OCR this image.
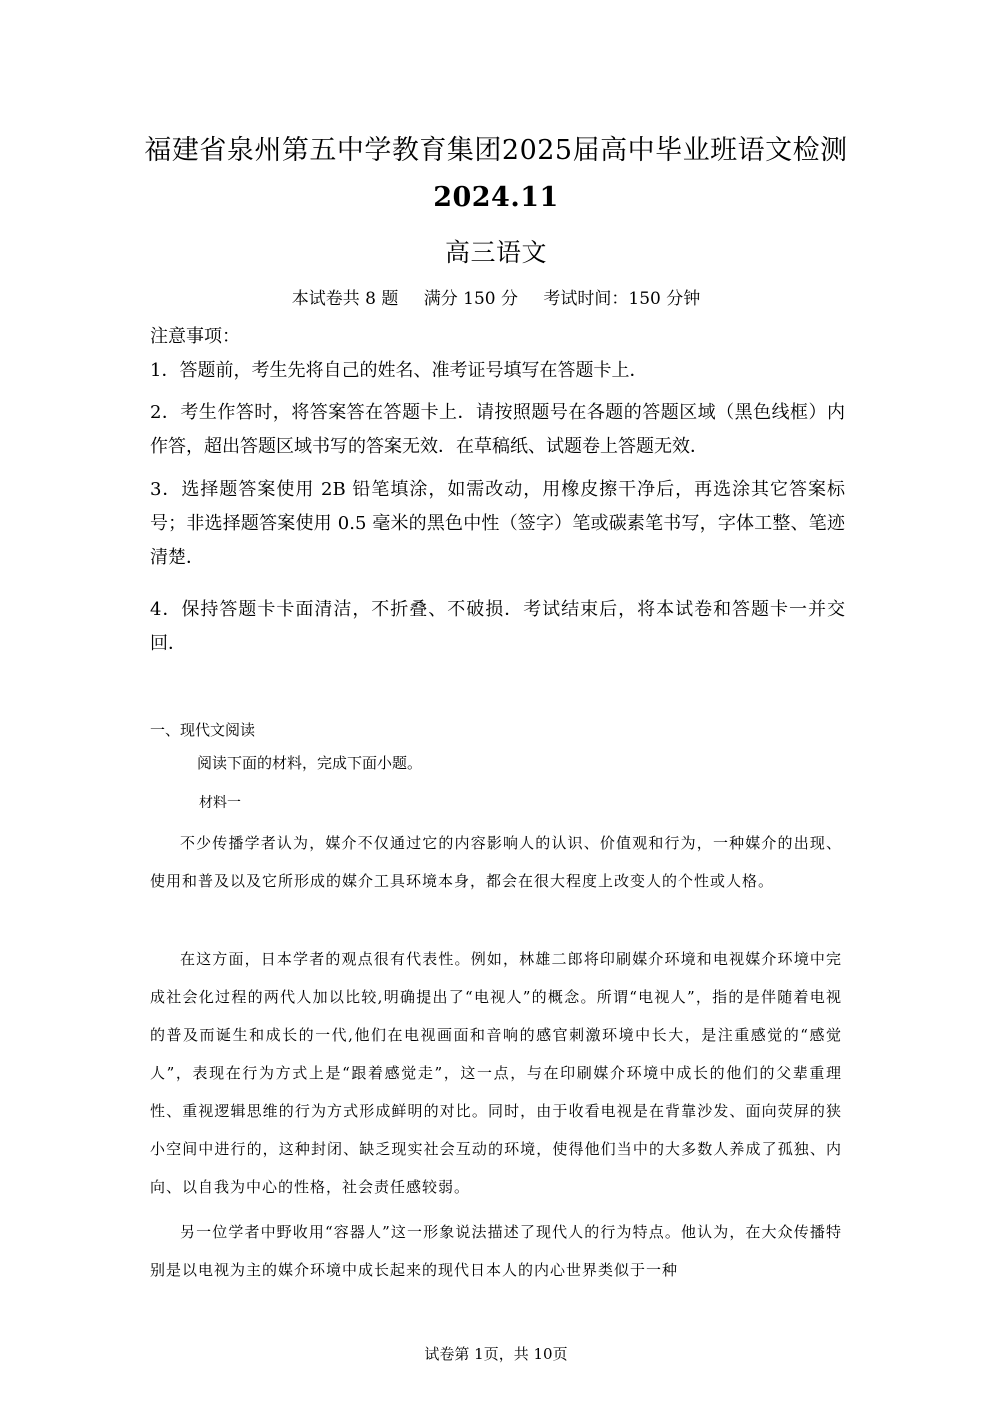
福建省泉州第五中学教育集团2025届高中毕业班语文检测
2024.11
高三语文
本试卷共 8 题 满分 150 分 考试时间：150 分钟
注意事项：
1．答题前，考生先将自己的姓名、准考证号填写在答题卡上．
2．考生作答时，将答案答在答题卡上．请按照题号在各题的答题区域（黑色线框）内作答，超出答题区域书写的答案无效．在草稿纸、试题卷上答题无效．
3．选择题答案使用 2B 铅笔填涂，如需改动，用橡皮擦干净后，再选涂其它答案标号；非选择题答案使用 0.5 毫米的黑色中性（签字）笔或碳素笔书写，字体工整、笔迹清楚．
4．保持答题卡卡面清洁，不折叠、不破损．考试结束后，将本试卷和答题卡一并交回．
一、现代文阅读
阅读下面的材料，完成下面小题。
材料一
不少传播学者认为，媒介不仅通过它的内容影响人的认识、价值观和行为，一种媒介的出现、使用和普及以及它所形成的媒介工具环境本身，都会在很大程度上改变人的个性或人格。
在这方面，日本学者的观点很有代表性。例如，林雄二郎将印刷媒介环境和电视媒介环境中完成社会化过程的两代人加以比较,明确提出了“电视人”的概念。所谓“电视人”，指的是伴随着电视的普及而诞生和成长的一代,他们在电视画面和音响的感官刺激环境中长大，是注重感觉的“感觉人”，表现在行为方式上是“跟着感觉走”，这一点，与在印刷媒介环境中成长的他们的父辈重理性、重视逻辑思维的行为方式形成鲜明的对比。同时，由于收看电视是在背靠沙发、面向荧屏的狭小空间中进行的，这种封闭、缺乏现实社会互动的环境，使得他们当中的大多数人养成了孤独、内向、以自我为中心的性格，社会责任感较弱。
另一位学者中野收用“容器人”这一形象说法描述了现代人的行为特点。他认为，在大众传播特别是以电视为主的媒介环境中成长起来的现代日本人的内心世界类似于一种
试卷第 1页，共 10页
